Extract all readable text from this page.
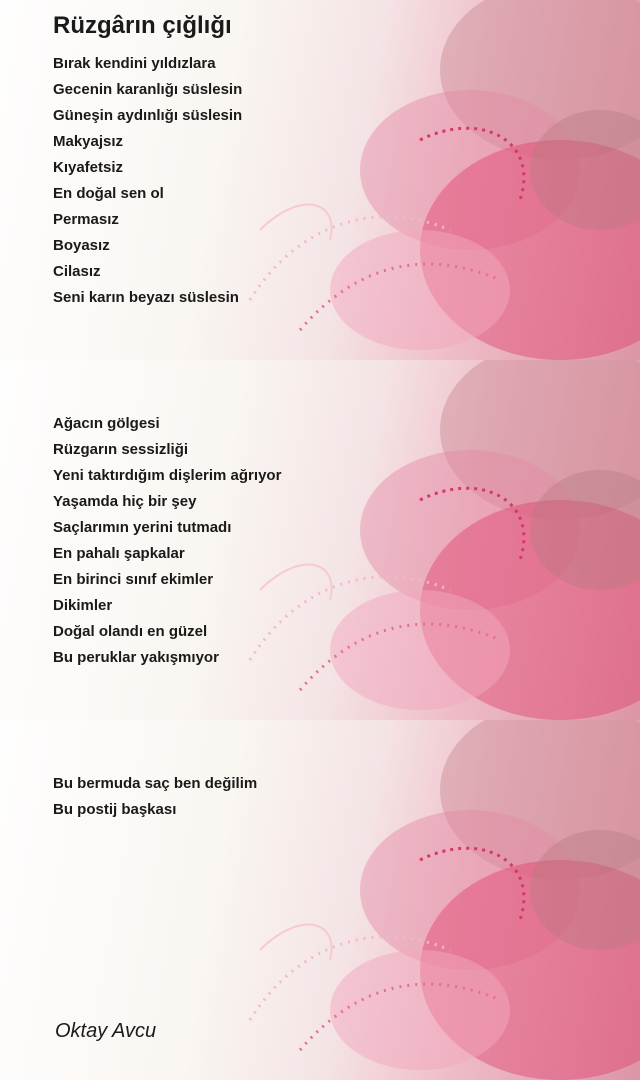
Rüzgârın çığlığı
Bırak kendini yıldızlara
Gecenin karanlığı süslesin
Güneşin aydınlığı süslesin
Makyajsız
Kıyafetsiz
En doğal sen ol
Permasız
Boyasız
Cilasız
Seni karın beyazı süslesin
Ağacın gölgesi
Rüzgarın sessizliği
Yeni taktırdığım dişlerim ağrıyor
Yaşamda hiç bir şey
Saçlarımın yerini tutmadı
En pahalı şapkalar
En birinci sınıf ekimler
Dikimler
Doğal olandı en güzel
Bu peruklar yakışmıyor
Bu bermuda saç ben değilim
Bu postij başkası
Oktay Avcu
